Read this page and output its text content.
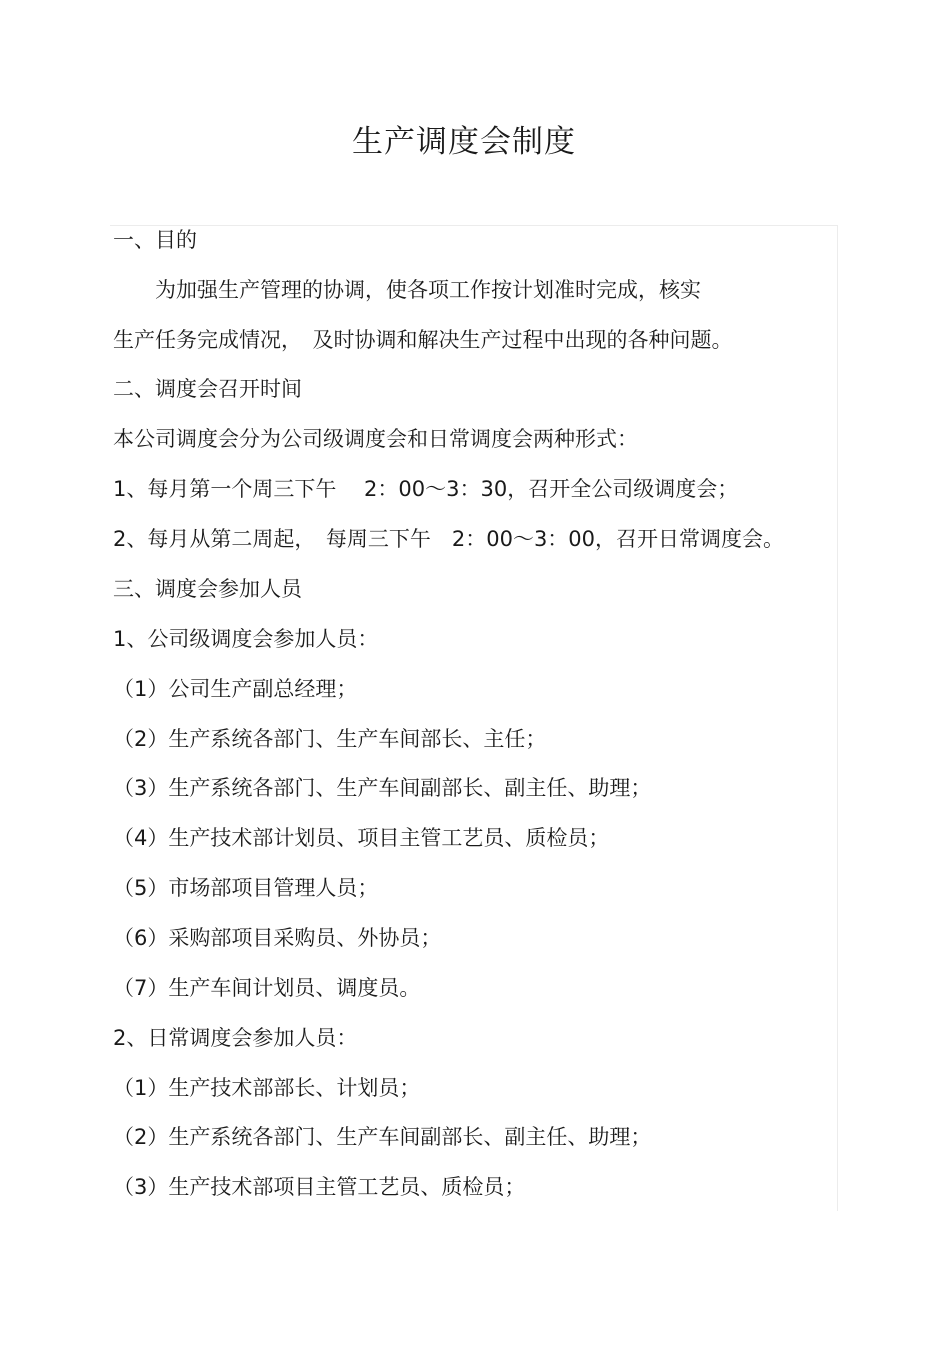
生产调度会制度
一、目的
　　为加强生产管理的协调，使各项工作按计划准时完成，核实
生产任务完成情况，　及时协调和解决生产过程中出现的各种问题。
二、调度会召开时间
本公司调度会分为公司级调度会和日常调度会两种形式：
1、每月第一个周三下午　 2：00～3：30，召开全公司级调度会；
2、每月从第二周起，　每周三下午　2：00～3：00，召开日常调度会。
三、调度会参加人员
1、公司级调度会参加人员：
（1）公司生产副总经理；
（2）生产系统各部门、生产车间部长、主任；
（3）生产系统各部门、生产车间副部长、副主任、助理；
（4）生产技术部计划员、项目主管工艺员、质检员；
（5）市场部项目管理人员；
（6）采购部项目采购员、外协员；
（7）生产车间计划员、调度员。
2、日常调度会参加人员：
（1）生产技术部部长、计划员；
（2）生产系统各部门、生产车间副部长、副主任、助理；
（3）生产技术部项目主管工艺员、质检员；
